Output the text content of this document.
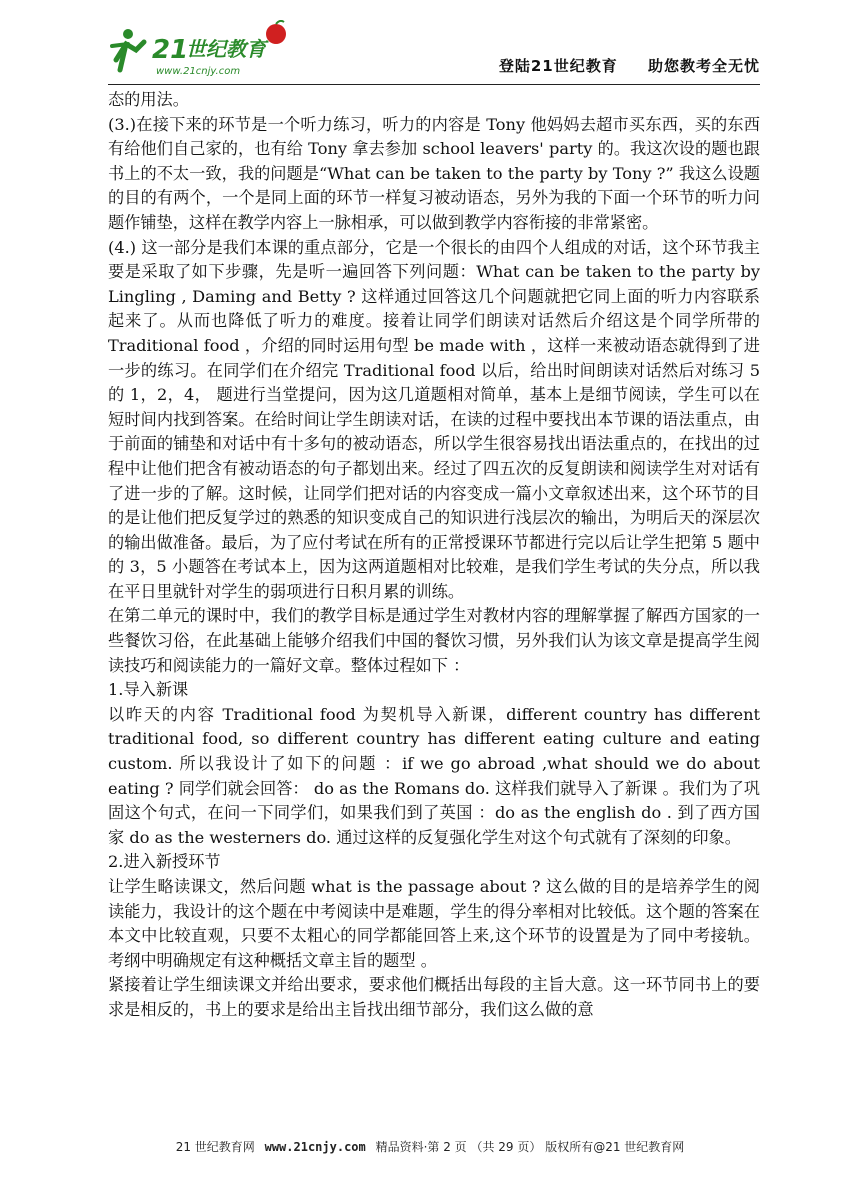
21
世纪教育
www.21cnjy.com	登陆21世纪教育 助您教考全无忧

态的用法。

(3.)在接下来的环节是一个听力练习，听力的内容是 Tony 他妈妈去超市买东西，买的东西有给他们自己家的，也有给 Tony 拿去参加 school leavers' party 的。我这次设的题也跟书上的不太一致，我的问题是“What can be taken to the party by Tony ?” 我这么设题的目的有两个，一个是同上面的环节一样复习被动语态，另外为我的下面一个环节的听力问题作铺垫，这样在教学内容上一脉相承，可以做到教学内容衔接的非常紧密。

(4.) 这一部分是我们本课的重点部分，它是一个很长的由四个人组成的对话，这个环节我主要是采取了如下步骤，先是听一遍回答下列问题：What can be taken to the party by Lingling , Daming and Betty ? 这样通过回答这几个问题就把它同上面的听力内容联系起来了。从而也降低了听力的难度。接着让同学们朗读对话然后介绍这是个同学所带的 Traditional food ，介绍的同时运用句型 be made with ，这样一来被动语态就得到了进一步的练习。在同学们在介绍完 Traditional food 以后，给出时间朗读对话然后对练习 5 的 1，2，4， 题进行当堂提问，因为这几道题相对简单，基本上是细节阅读，学生可以在短时间内找到答案。在给时间让学生朗读对话，在读的过程中要找出本节课的语法重点，由于前面的铺垫和对话中有十多句的被动语态，所以学生很容易找出语法重点的，在找出的过程中让他们把含有被动语态的句子都划出来。经过了四五次的反复朗读和阅读学生对对话有了进一步的了解。这时候，让同学们把对话的内容变成一篇小文章叙述出来，这个环节的目的是让他们把反复学过的熟悉的知识变成自己的知识进行浅层次的输出，为明后天的深层次的输出做准备。最后，为了应付考试在所有的正常授课环节都进行完以后让学生把第 5 题中的 3，5 小题答在考试本上，因为这两道题相对比较难，是我们学生考试的失分点，所以我在平日里就针对学生的弱项进行日积月累的训练。

在第二单元的课时中，我们的教学目标是通过学生对教材内容的理解掌握了解西方国家的一些餐饮习俗，在此基础上能够介绍我们中国的餐饮习惯，另外我们认为该文章是提高学生阅读技巧和阅读能力的一篇好文章。整体过程如下 ：

1.导入新课

以昨天的内容 Traditional food 为契机导入新课，different country has different traditional food, so different country has different eating culture and eating custom. 所以我设计了如下的问题 ：if we go abroad ,what should we do about eating ? 同学们就会回答： do as the Romans do. 这样我们就导入了新课 。我们为了巩固这个句式，在问一下同学们，如果我们到了英国 ：do as the english do . 到了西方国家 do as the westerners do. 通过这样的反复强化学生对这个句式就有了深刻的印象。

2.进入新授环节

让学生略读课文，然后问题 what is the passage about ? 这么做的目的是培养学生的阅读能力，我设计的这个题在中考阅读中是难题，学生的得分率相对比较低。这个题的答案在本文中比较直观，只要不太粗心的同学都能回答上来,这个环节的设置是为了同中考接轨。考纲中明确规定有这种概括文章主旨的题型 。

紧接着让学生细读课文并给出要求，要求他们概括出每段的主旨大意。这一环节同书上的要求是相反的，书上的要求是给出主旨找出细节部分，我们这么做的意

21 世纪教育网 www.21cnjy.com 精品资料·第 2 页 （共 29 页） 版权所有@21 世纪教育网
